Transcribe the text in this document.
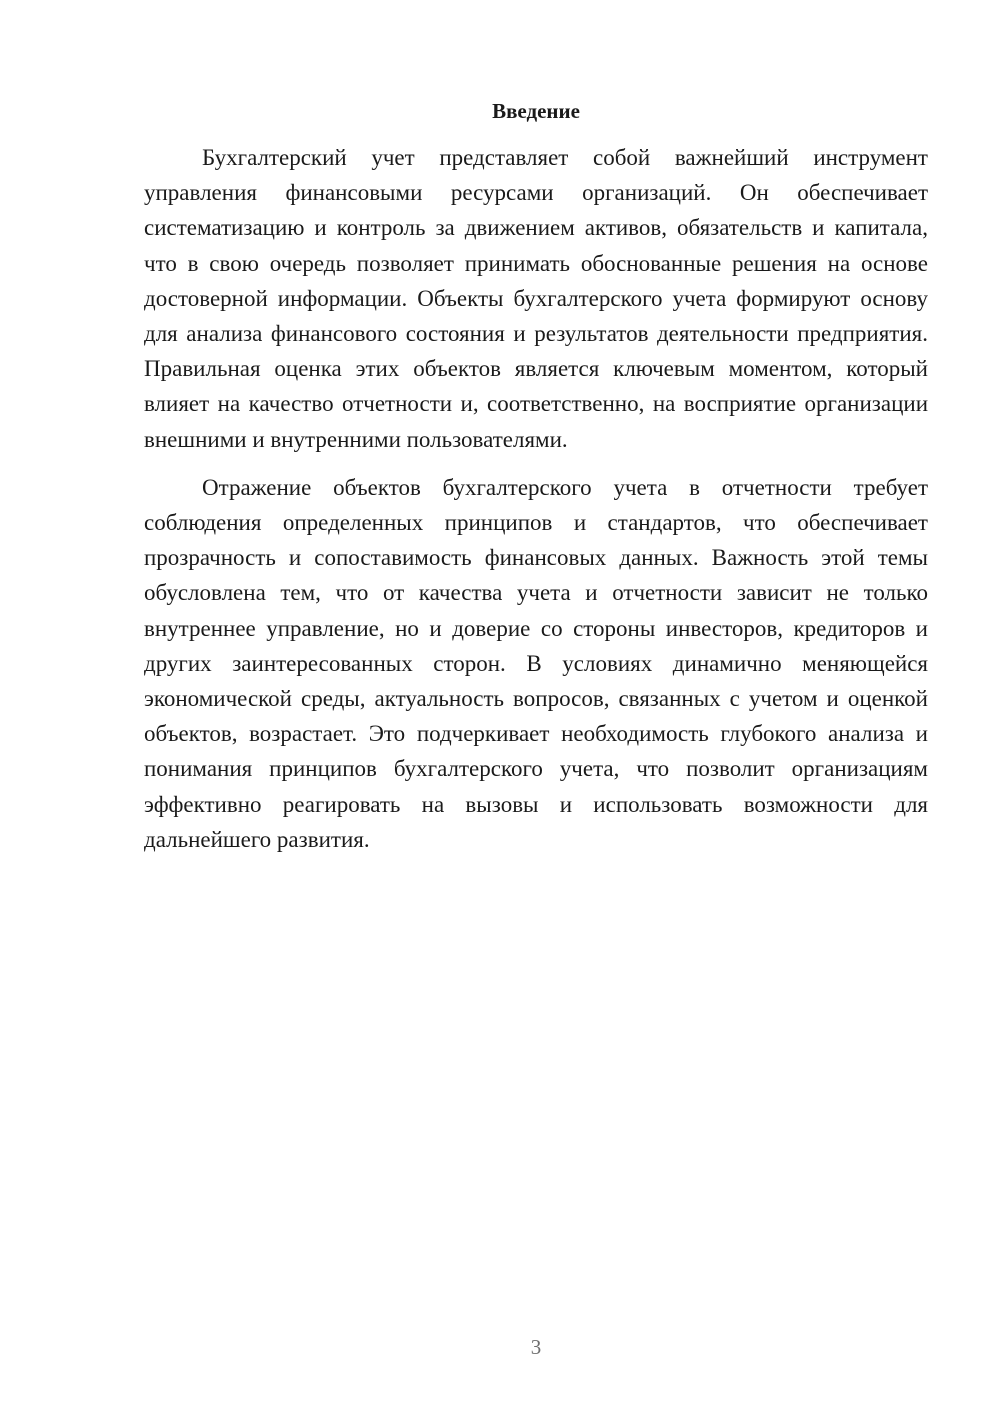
Введение

Бухгалтерский учет представляет собой важнейший инструмент управления финансовыми ресурсами организаций. Он обеспечивает систематизацию и контроль за движением активов, обязательств и капитала, что в свою очередь позволяет принимать обоснованные решения на основе достоверной информации. Объекты бухгалтерского учета формируют основу для анализа финансового состояния и результатов деятельности предприятия. Правильная оценка этих объектов является ключевым моментом, который влияет на качество отчетности и, соответственно, на восприятие организации внешними и внутренними пользователями.

Отражение объектов бухгалтерского учета в отчетности требует соблюдения определенных принципов и стандартов, что обеспечивает прозрачность и сопоставимость финансовых данных. Важность этой темы обусловлена тем, что от качества учета и отчетности зависит не только внутреннее управление, но и доверие со стороны инвесторов, кредиторов и других заинтересованных сторон. В условиях динамично меняющейся экономической среды, актуальность вопросов, связанных с учетом и оценкой объектов, возрастает. Это подчеркивает необходимость глубокого анализа и понимания принципов бухгалтерского учета, что позволит организациям эффективно реагировать на вызовы и использовать возможности для дальнейшего развития.

3
